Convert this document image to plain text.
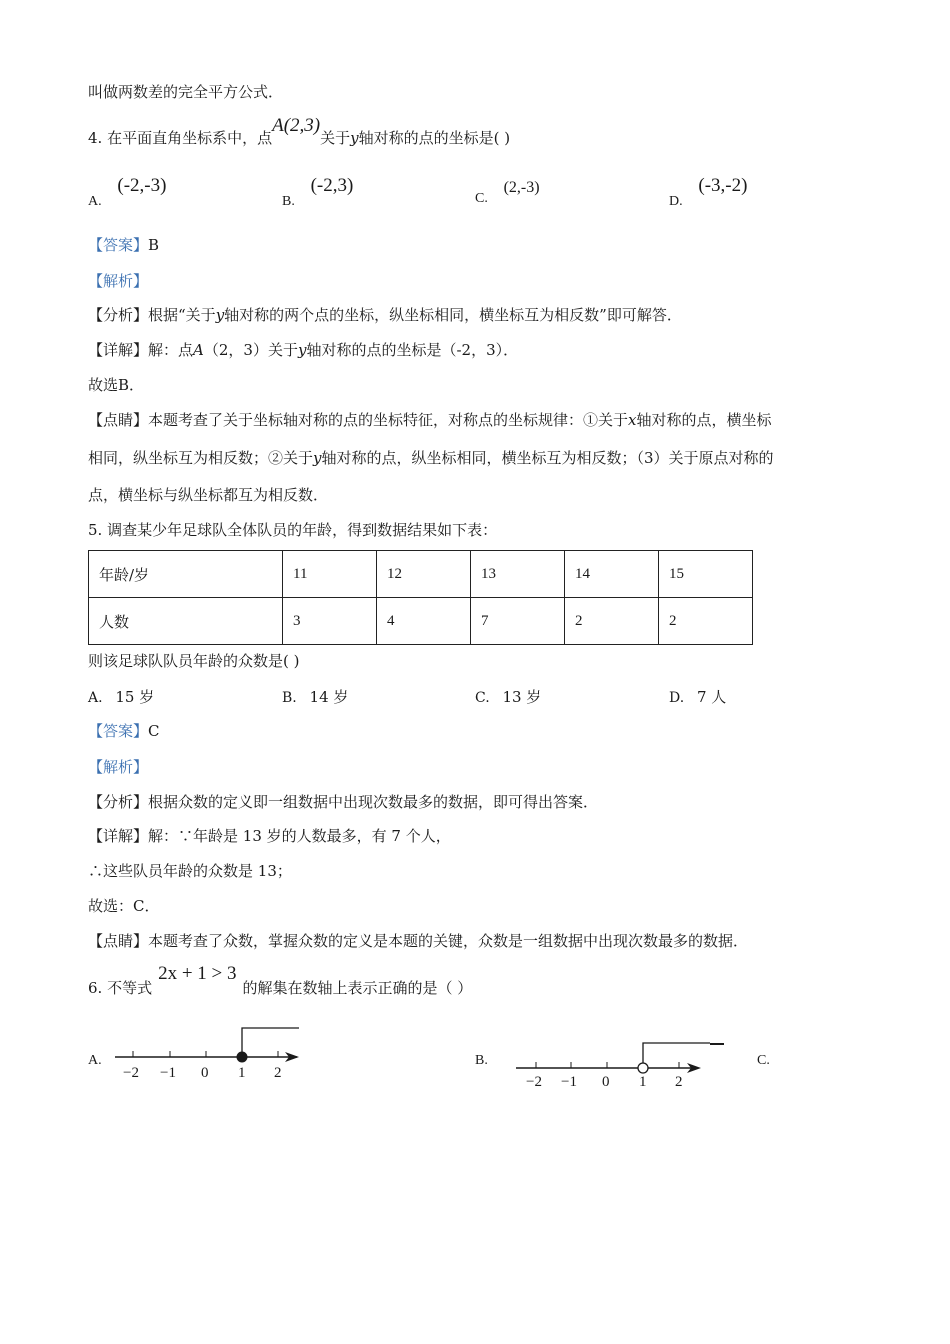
叫做两数差的完全平方公式．
4. 在平面直角坐标系中，点A(2,3)关于y轴对称的点的坐标是( )
A. (-2,-3)
B. (-2,3)
C. (2,-3)
D. (-3,-2)
【答案】B
【解析】
【分析】根据“关于y轴对称的两个点的坐标，纵坐标相同，横坐标互为相反数”即可解答．
【详解】解：点A（2，3）关于y轴对称的点的坐标是（-2，3）．
故选B．
【点睛】本题考查了关于坐标轴对称的点的坐标特征，对称点的坐标规律：①关于x轴对称的点，横坐标
相同，纵坐标互为相反数；②关于y轴对称的点，纵坐标相同，横坐标互为相反数；（3）关于原点对称的
点，横坐标与纵坐标都互为相反数．
5. 调查某少年足球队全体队员的年龄，得到数据结果如下表：
年龄/岁	11	12	13	14	15
人数	3	4	7	2	2
则该足球队队员年龄的众数是( )
A. 15 岁	B. 14 岁	C. 13 岁	D. 7 人
【答案】C
【解析】
【分析】根据众数的定义即一组数据中出现次数最多的数据，即可得出答案．
【详解】解：∵年龄是 13 岁的人数最多，有 7 个人，
∴这些队员年龄的众数是 13；
故选：C．
【点睛】本题考查了众数，掌握众数的定义是本题的关键，众数是一组数据中出现次数最多的数据．
6. 不等式2x + 1 > 3的解集在数轴上表示正确的是（ ）
A.
−2 −1 0 1 2
B.
−2 −1 0 1 2
C.
